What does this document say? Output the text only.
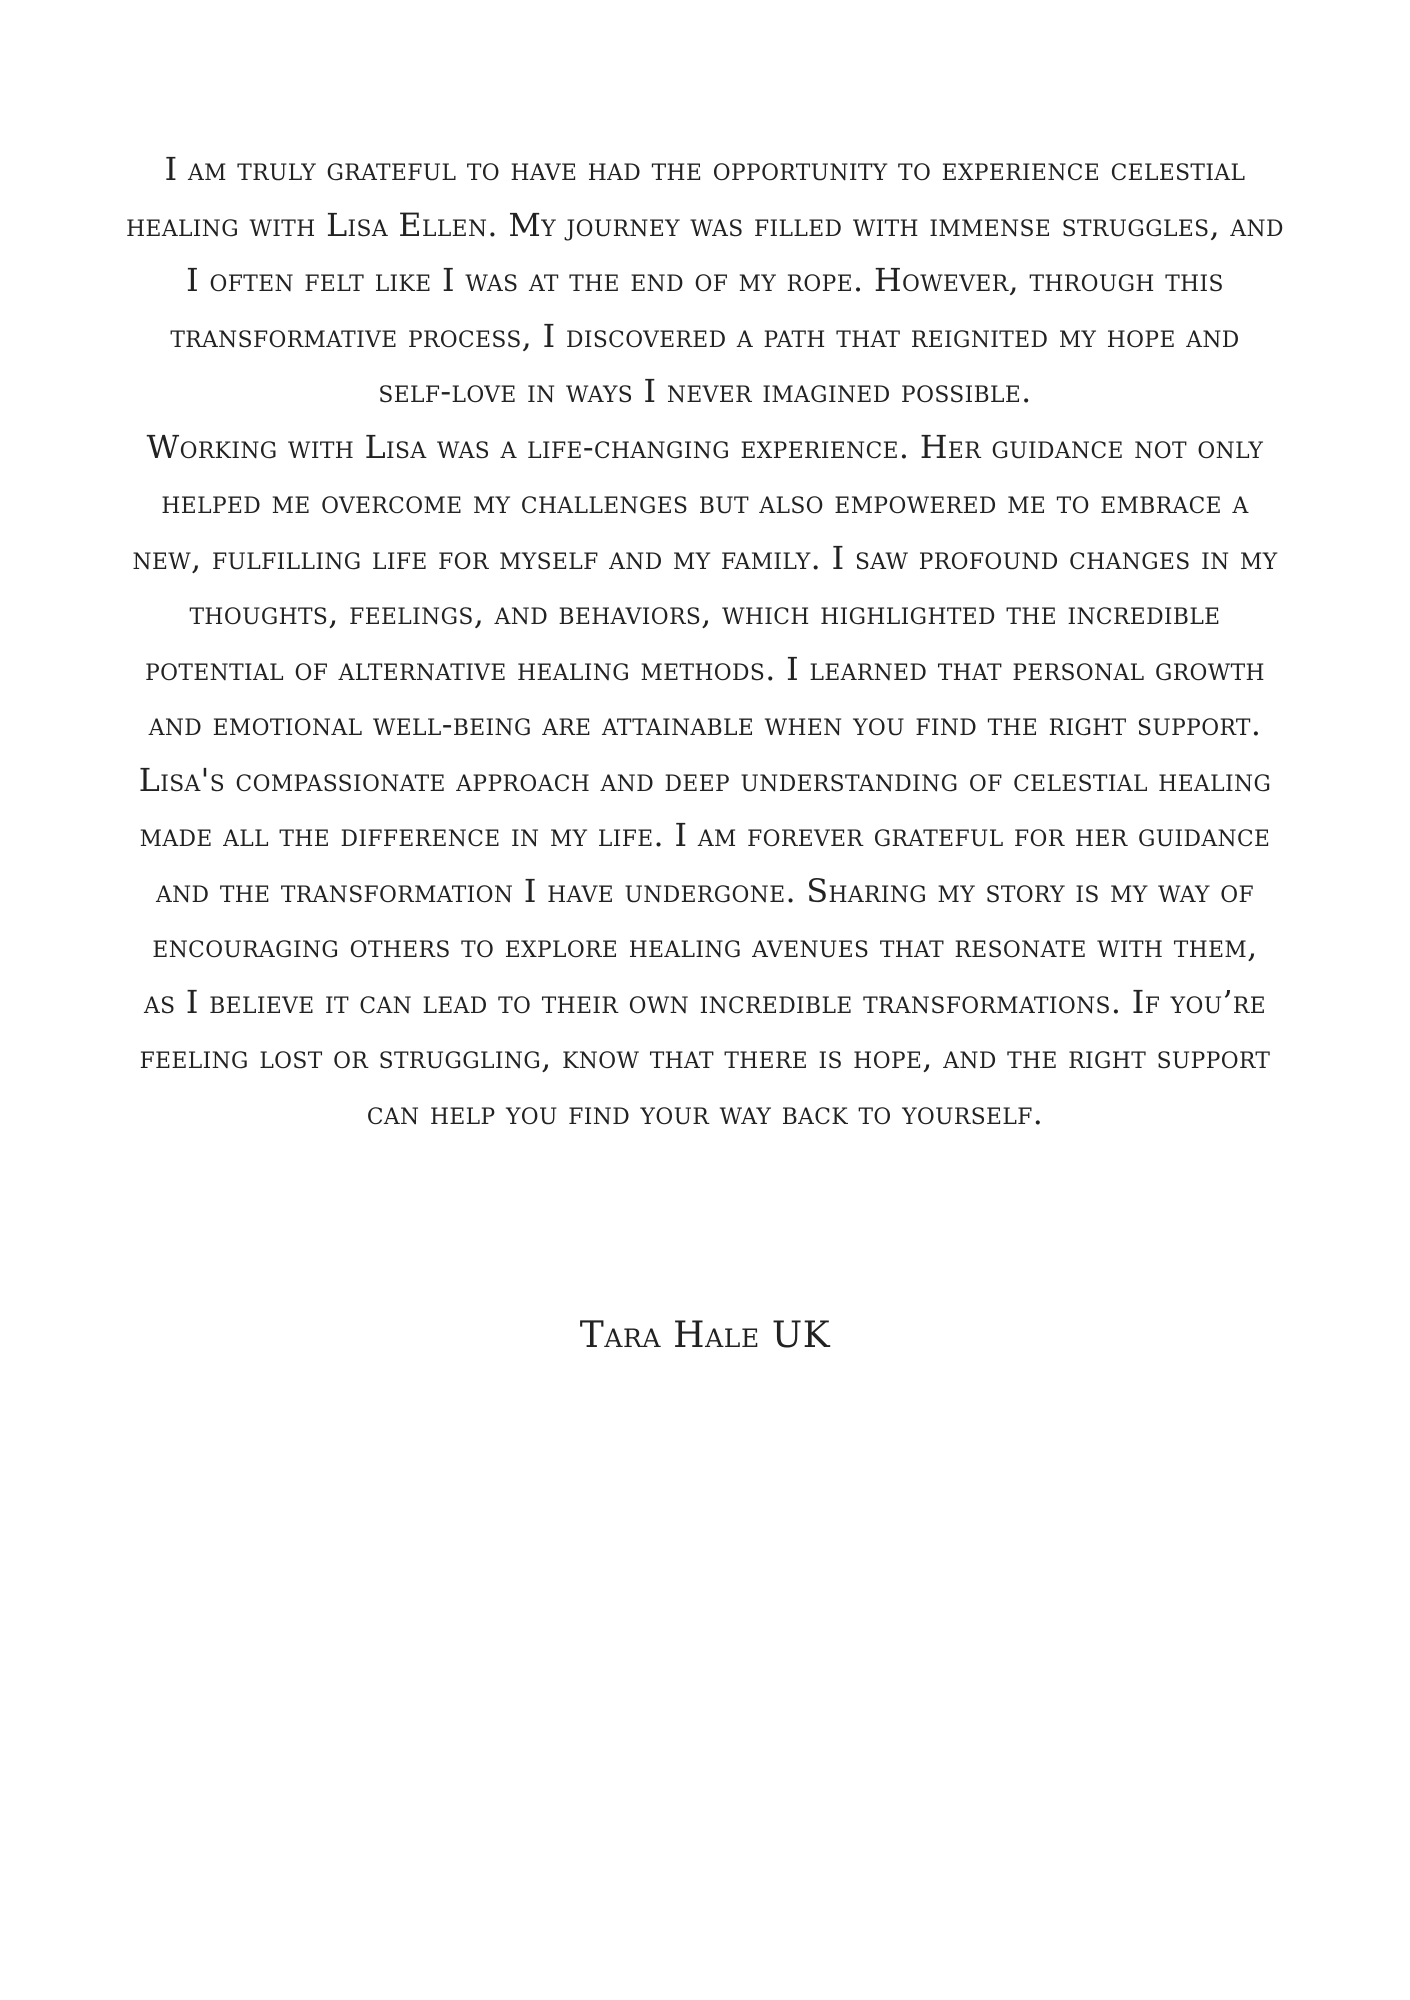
I am truly grateful to have had the opportunity to experience celestial
healing with Lisa Ellen. My journey was filled with immense struggles, and
I often felt like I was at the end of my rope. However, through this
transformative process, I discovered a path that reignited my hope and
self-love in ways I never imagined possible.
Working with Lisa was a life-changing experience. Her guidance not only
helped me overcome my challenges but also empowered me to embrace a
new, fulfilling life for myself and my family. I saw profound changes in my
thoughts, feelings, and behaviors, which highlighted the incredible
potential of alternative healing methods. I learned that personal growth
and emotional well-being are attainable when you find the right support.
Lisa's compassionate approach and deep understanding of celestial healing
made all the difference in my life. I am forever grateful for her guidance
and the transformation I have undergone. Sharing my story is my way of
encouraging others to explore healing avenues that resonate with them,
as I believe it can lead to their own incredible transformations. If you’re
feeling lost or struggling, know that there is hope, and the right support
can help you find your way back to yourself.
Tara Hale UK
